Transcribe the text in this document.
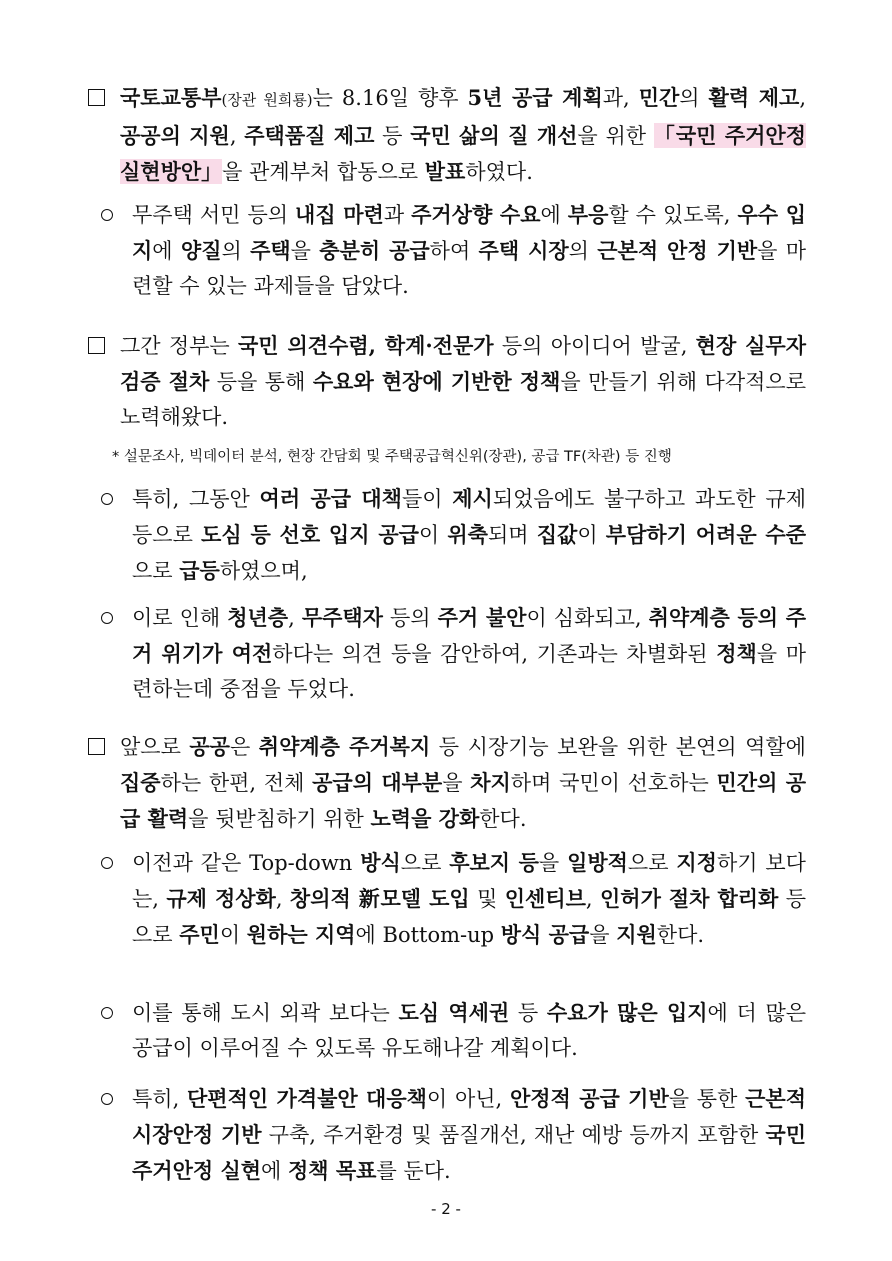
국토교통부(장관 원희룡)는 8.16일 향후 5년 공급 계획과, 민간의 활력 제고, 공공의 지원, 주택품질 제고 등 국민 삶의 질 개선을 위한 「국민 주거안정 실현방안」을 관계부처 합동으로 발표하였다.
무주택 서민 등의 내집 마련과 주거상향 수요에 부응할 수 있도록, 우수 입지에 양질의 주택을 충분히 공급하여 주택 시장의 근본적 안정 기반을 마련할 수 있는 과제들을 담았다.
그간 정부는 국민 의견수렴, 학계·전문가 등의 아이디어 발굴, 현장 실무자 검증 절차 등을 통해 수요와 현장에 기반한 정책을 만들기 위해 다각적으로 노력해왔다.
* 설문조사, 빅데이터 분석, 현장 간담회 및 주택공급혁신위(장관), 공급 TF(차관) 등 진행
특히, 그동안 여러 공급 대책들이 제시되었음에도 불구하고 과도한 규제 등으로 도심 등 선호 입지 공급이 위축되며 집값이 부담하기 어려운 수준으로 급등하였으며,
이로 인해 청년층, 무주택자 등의 주거 불안이 심화되고, 취약계층 등의 주거 위기가 여전하다는 의견 등을 감안하여, 기존과는 차별화된 정책을 마련하는데 중점을 두었다.
앞으로 공공은 취약계층 주거복지 등 시장기능 보완을 위한 본연의 역할에 집중하는 한편, 전체 공급의 대부분을 차지하며 국민이 선호하는 민간의 공급 활력을 뒷받침하기 위한 노력을 강화한다.
이전과 같은 Top-down 방식으로 후보지 등을 일방적으로 지정하기 보다는, 규제 정상화, 창의적 新모델 도입 및 인센티브, 인허가 절차 합리화 등으로 주민이 원하는 지역에 Bottom-up 방식 공급을 지원한다.
이를 통해 도시 외곽 보다는 도심 역세권 등 수요가 많은 입지에 더 많은 공급이 이루어질 수 있도록 유도해나갈 계획이다.
특히, 단편적인 가격불안 대응책이 아닌, 안정적 공급 기반을 통한 근본적 시장안정 기반 구축, 주거환경 및 품질개선, 재난 예방 등까지 포함한 국민 주거안정 실현에 정책 목표를 둔다.
- 2 -
